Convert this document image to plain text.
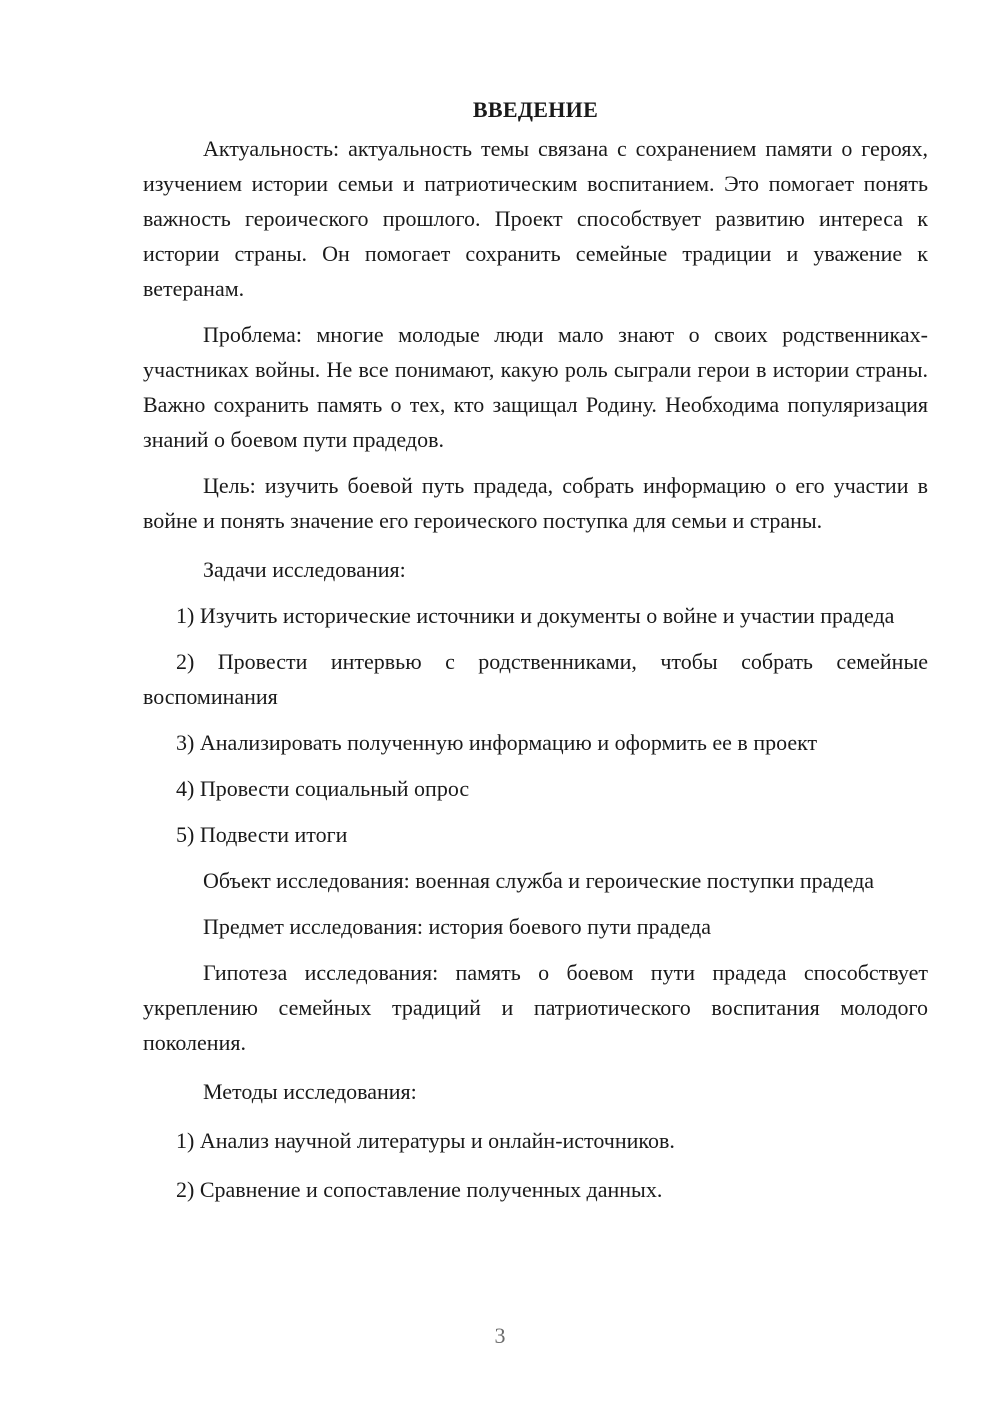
ВВЕДЕНИЕ

Актуальность: актуальность темы связана с сохранением памяти о героях, изучением истории семьи и патриотическим воспитанием. Это помогает понять важность героического прошлого. Проект способствует развитию интереса к истории страны. Он помогает сохранить семейные традиции и уважение к ветеранам.

Проблема: многие молодые люди мало знают о своих родственниках-участниках войны. Не все понимают, какую роль сыграли герои в истории страны. Важно сохранить память о тех, кто защищал Родину. Необходима популяризация знаний о боевом пути прадедов.

Цель: изучить боевой путь прадеда, собрать информацию о его участии в войне и понять значение его героического поступка для семьи и страны.

Задачи исследования:

1) Изучить исторические источники и документы о войне и участии прадеда

2) Провести интервью с родственниками, чтобы собрать семейные воспоминания

3) Анализировать полученную информацию и оформить ее в проект

4) Провести социальный опрос

5) Подвести итоги

Объект исследования: военная служба и героические поступки прадеда

Предмет исследования: история боевого пути прадеда

Гипотеза исследования: память о боевом пути прадеда способствует укреплению семейных традиций и патриотического воспитания молодого поколения.

Методы исследования:

1) Анализ научной литературы и онлайн-источников.

2) Сравнение и сопоставление полученных данных.

3
